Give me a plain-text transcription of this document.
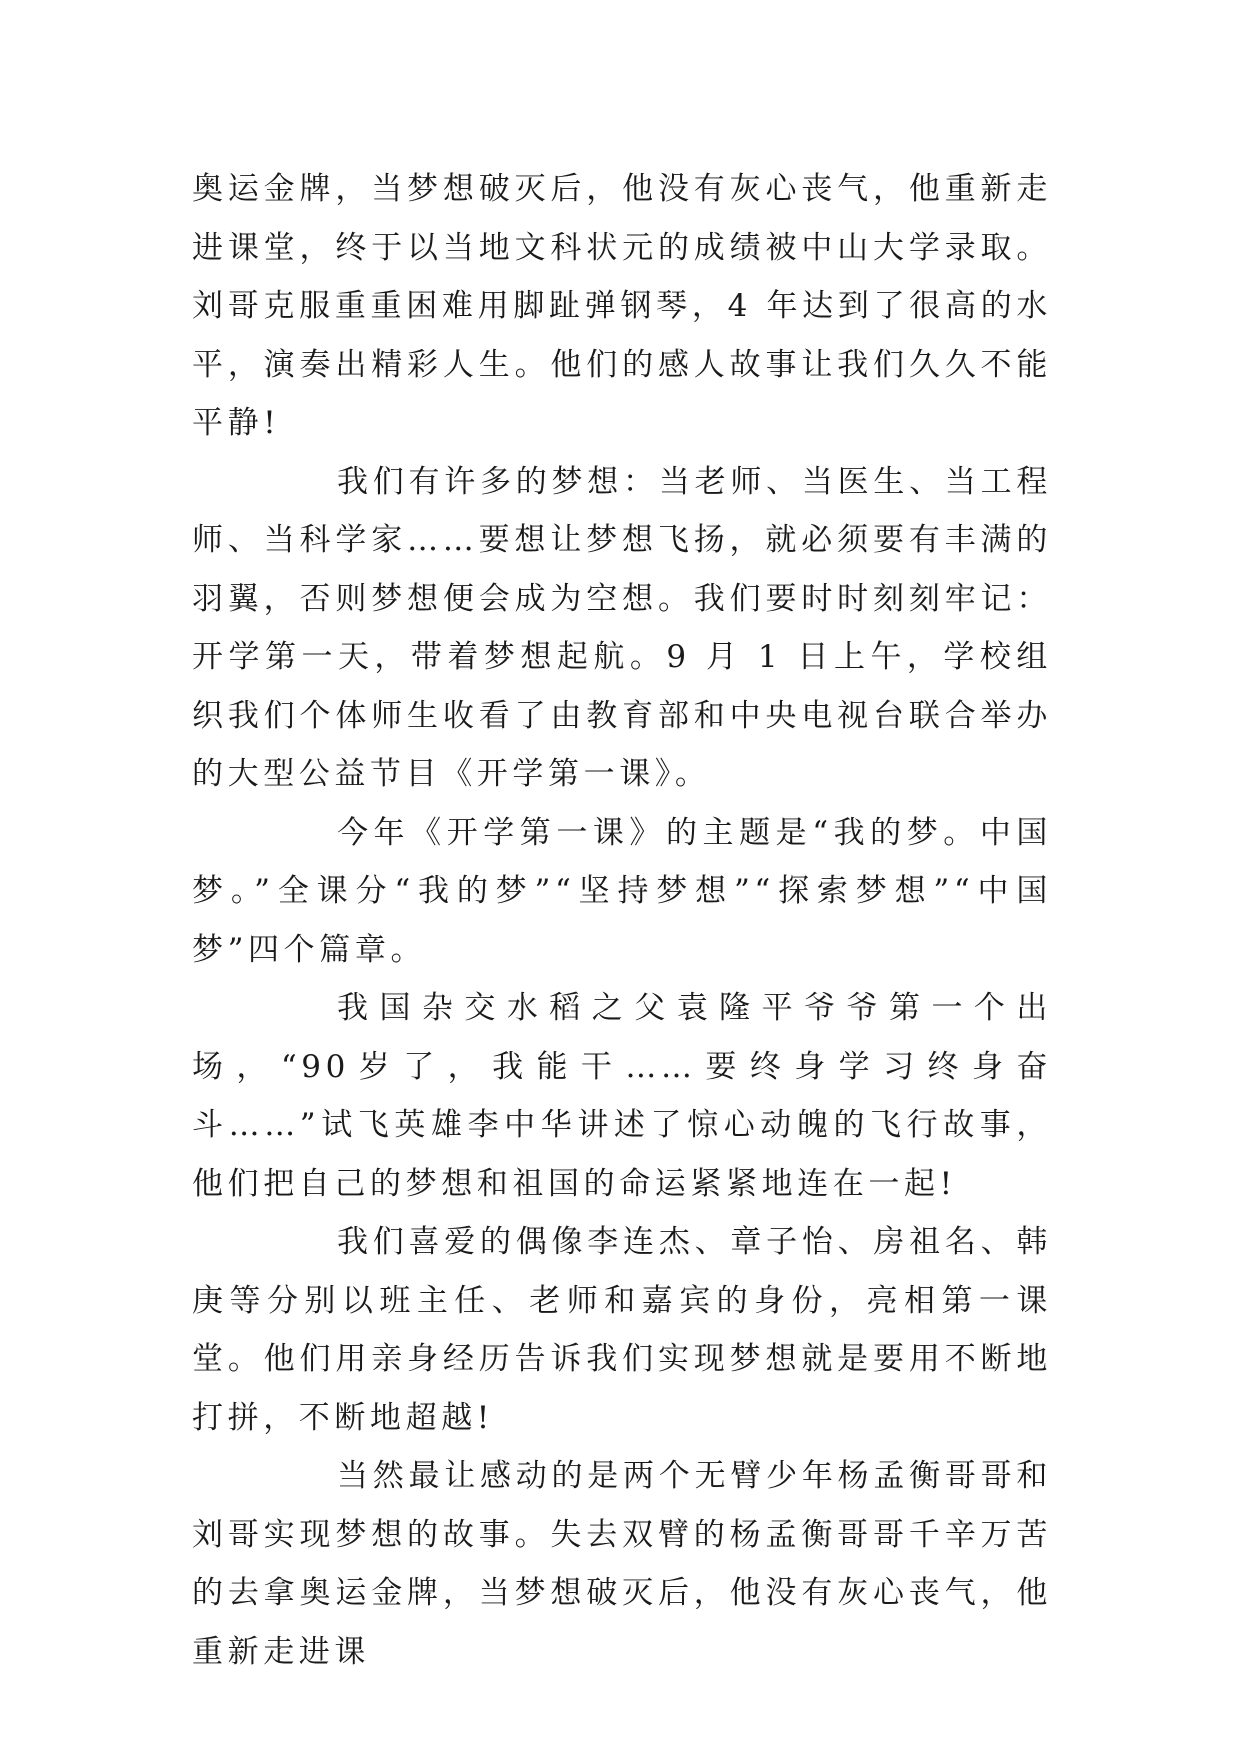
奥运金牌，当梦想破灭后，他没有灰心丧气，他重新走进课堂，终于以当地文科状元的成绩被中山大学录取。刘哥克服重重困难用脚趾弹钢琴，4 年达到了很高的水平，演奏出精彩人生。他们的感人故事让我们久久不能平静!

我们有许多的梦想：当老师、当医生、当工程师、当科学家……要想让梦想飞扬，就必须要有丰满的羽翼，否则梦想便会成为空想。我们要时时刻刻牢记：开学第一天，带着梦想起航。9 月 1 日上午，学校组织我们个体师生收看了由教育部和中央电视台联合举办的大型公益节目《开学第一课》。

今年《开学第一课》的主题是“我的梦。中国梦。”全课分“我的梦”“坚持梦想”“探索梦想”“中国梦”四个篇章。

我国杂交水稻之父袁隆平爷爷第一个出场，“90岁了，我能干……要终身学习终身奋斗……”试飞英雄李中华讲述了惊心动魄的飞行故事，他们把自己的梦想和祖国的命运紧紧地连在一起!

我们喜爱的偶像李连杰、章子怡、房祖名、韩庚等分别以班主任、老师和嘉宾的身份，亮相第一课堂。他们用亲身经历告诉我们实现梦想就是要用不断地打拼，不断地超越!

当然最让感动的是两个无臂少年杨孟衡哥哥和刘哥实现梦想的故事。失去双臂的杨孟衡哥哥千辛万苦的去拿奥运金牌，当梦想破灭后，他没有灰心丧气，他重新走进课
